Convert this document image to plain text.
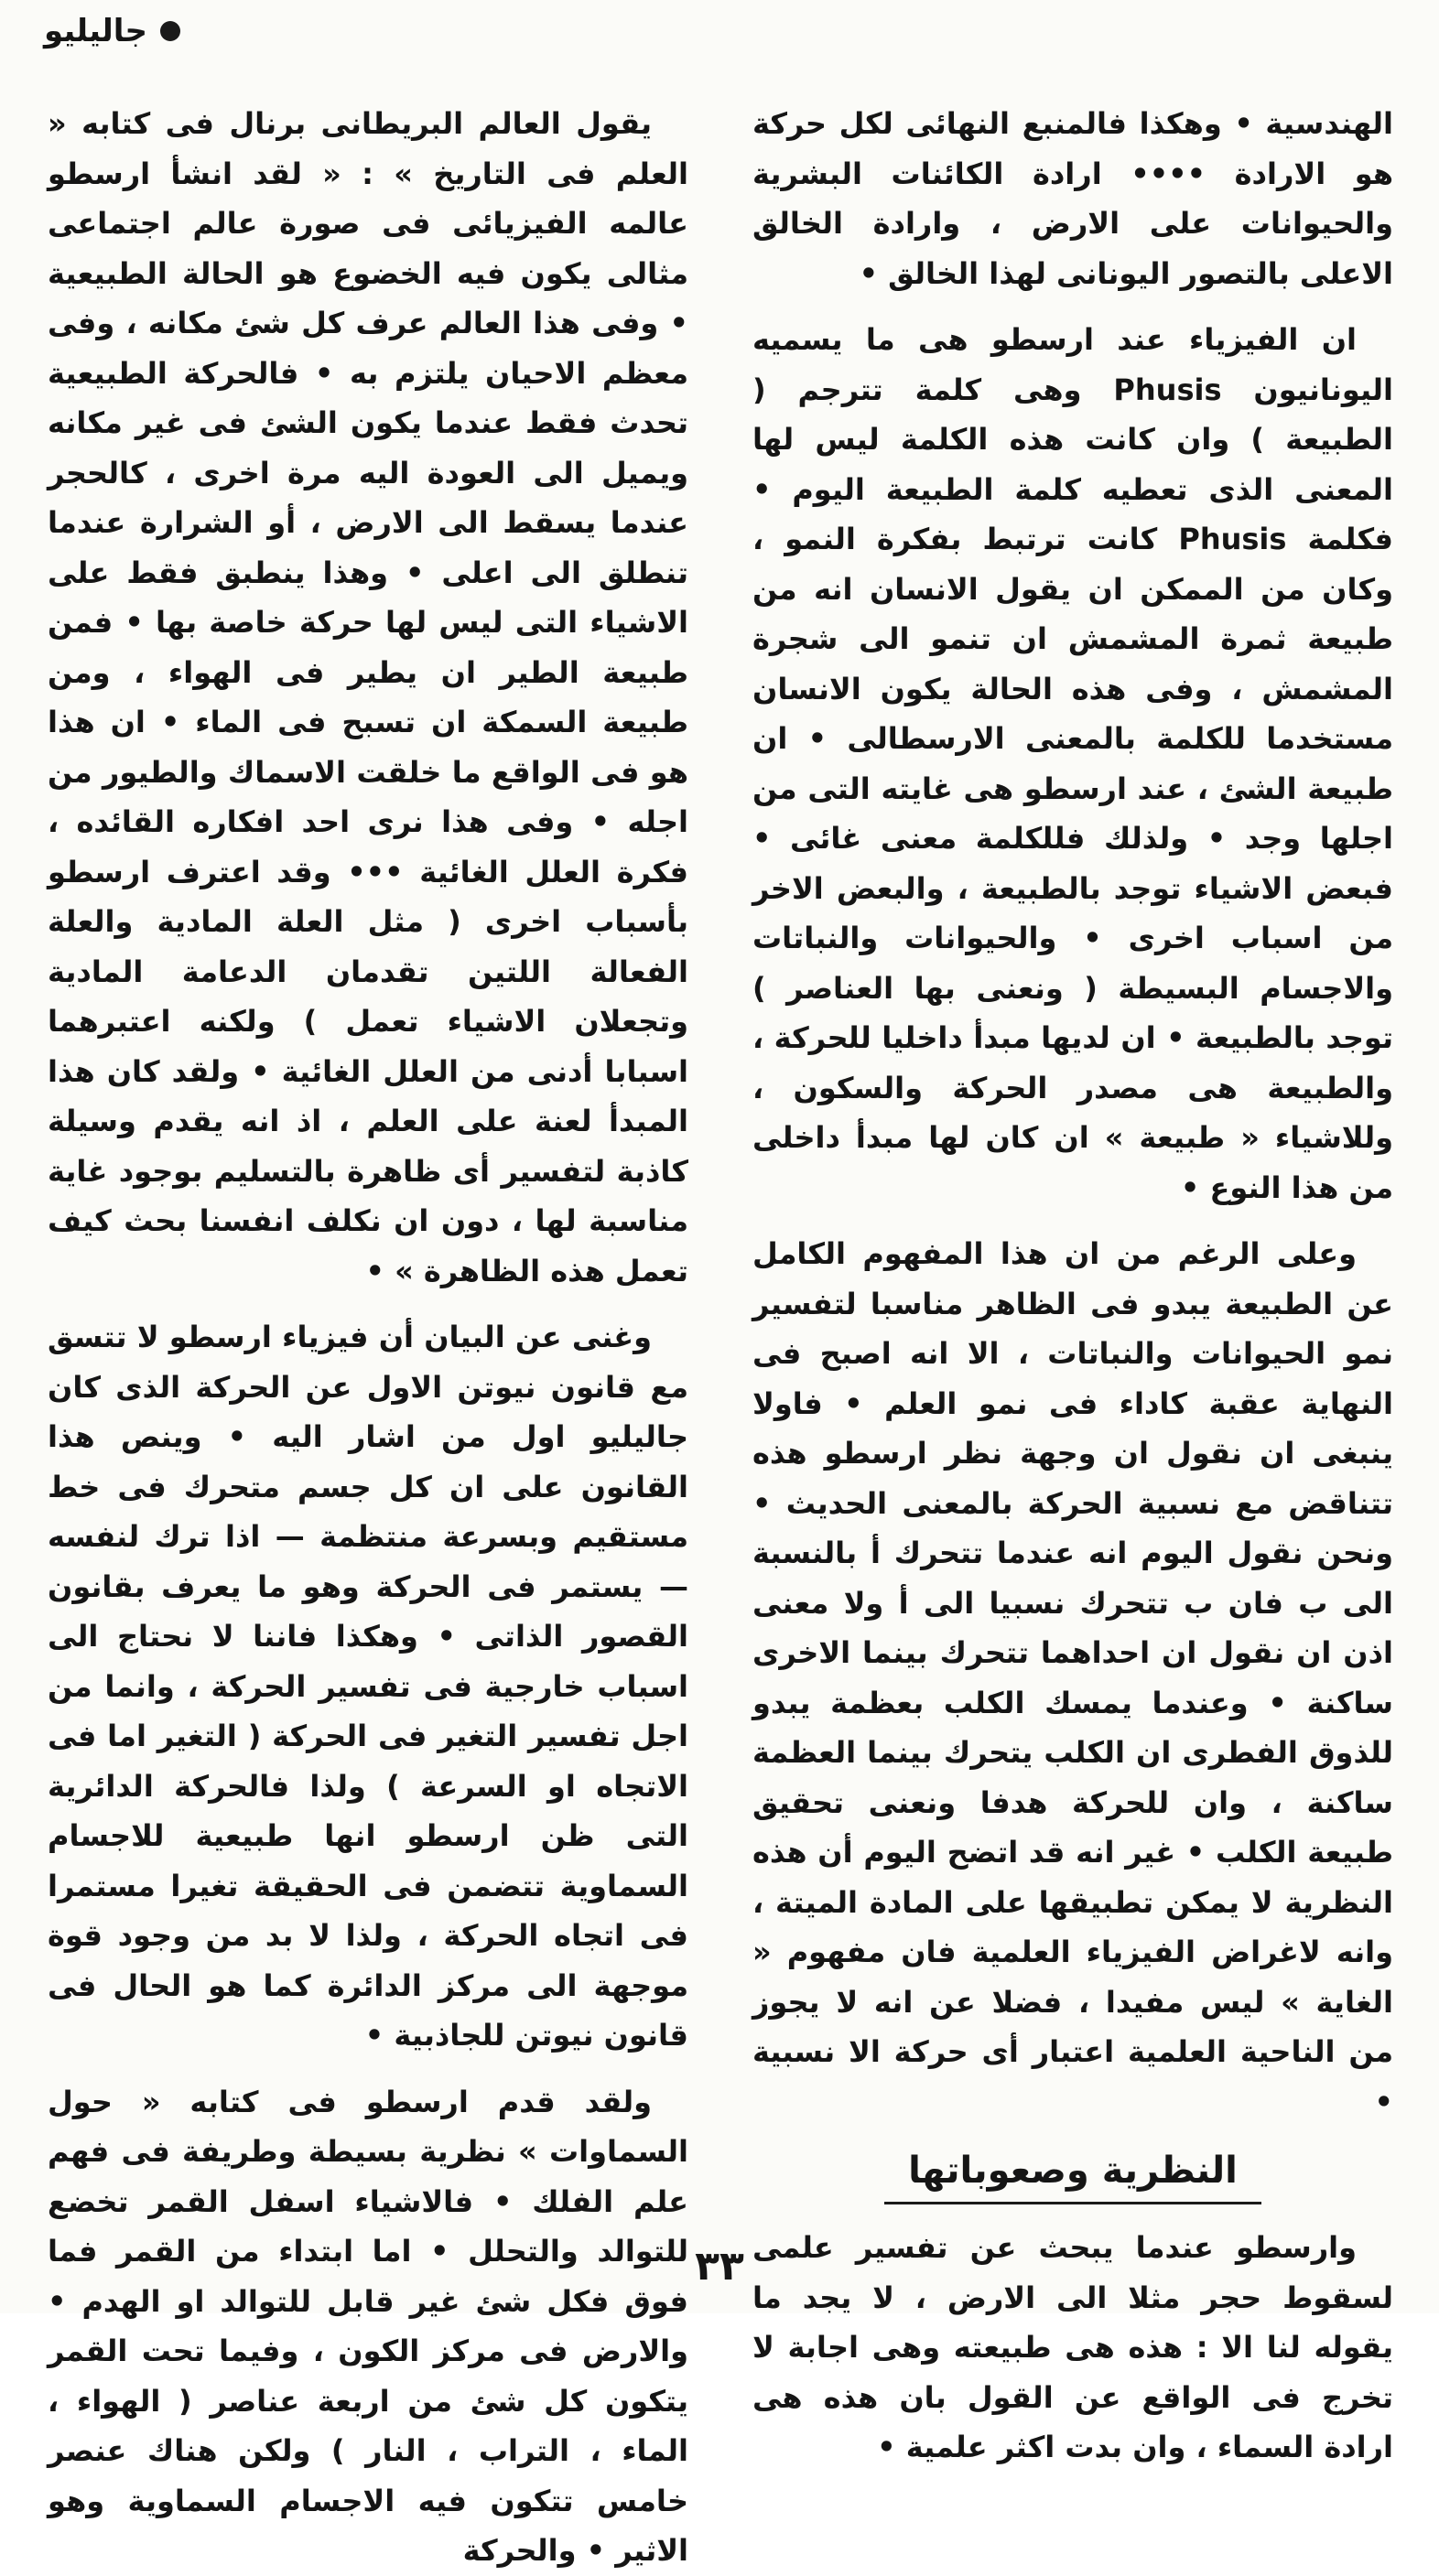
جاليليو

الهندسية • وهكذا فالمنبع النهائى لكل حركة هو الارادة •••• ارادة الكائنات البشرية والحيوانات على الارض ، وارادة الخالق الاعلى بالتصور اليونانى لهذا الخالق •

ان الفيزياء عند ارسطو هى ما يسميه اليونانيون Phusis وهى كلمة تترجم ( الطبيعة ) وان كانت هذه الكلمة ليس لها المعنى الذى تعطيه كلمة الطبيعة اليوم • فكلمة Phusis كانت ترتبط بفكرة النمو ، وكان من الممكن ان يقول الانسان انه من طبيعة ثمرة المشمش ان تنمو الى شجرة المشمش ، وفى هذه الحالة يكون الانسان مستخدما للكلمة بالمعنى الارسطالى • ان طبيعة الشئ ، عند ارسطو هى غايته التى من اجلها وجد • ولذلك فللكلمة معنى غائى • فبعض الاشياء توجد بالطبيعة ، والبعض الاخر من اسباب اخرى • والحيوانات والنباتات والاجسام البسيطة ( ونعنى بها العناصر ) توجد بالطبيعة • ان لديها مبدأ داخليا للحركة ، والطبيعة هى مصدر الحركة والسكون ، وللاشياء « طبيعة » ان كان لها مبدأ داخلى من هذا النوع •

وعلى الرغم من ان هذا المفهوم الكامل عن الطبيعة يبدو فى الظاهر مناسبا لتفسير نمو الحيوانات والنباتات ، الا انه اصبح فى النهاية عقبة كاداء فى نمو العلم • فاولا ينبغى ان نقول ان وجهة نظر ارسطو هذه تتناقض مع نسبية الحركة بالمعنى الحديث • ونحن نقول اليوم انه عندما تتحرك أ بالنسبة الى ب فان ب تتحرك نسبيا الى أ ولا معنى اذن ان نقول ان احداهما تتحرك بينما الاخرى ساكنة • وعندما يمسك الكلب بعظمة يبدو للذوق الفطرى ان الكلب يتحرك بينما العظمة ساكنة ، وان للحركة هدفا ونعنى تحقيق طبيعة الكلب • غير انه قد اتضح اليوم أن هذه النظرية لا يمكن تطبيقها على المادة الميتة ، وانه لاغراض الفيزياء العلمية فان مفهوم « الغاية » ليس مفيدا ، فضلا عن انه لا يجوز من الناحية العلمية اعتبار أى حركة الا نسبية •

النظرية وصعوباتها

وارسطو عندما يبحث عن تفسير علمى لسقوط حجر مثلا الى الارض ، لا يجد ما يقوله لنا الا : هذه هى طبيعته وهى اجابة لا تخرج فى الواقع عن القول بان هذه هى ارادة السماء ، وان بدت اكثر علمية •

يقول العالم البريطانى برنال فى كتابه « العلم فى التاريخ » : « لقد انشأ ارسطو عالمه الفيزيائى فى صورة عالم اجتماعى مثالى يكون فيه الخضوع هو الحالة الطبيعية • وفى هذا العالم عرف كل شئ مكانه ، وفى معظم الاحيان يلتزم به • فالحركة الطبيعية تحدث فقط عندما يكون الشئ فى غير مكانه ويميل الى العودة اليه مرة اخرى ، كالحجر عندما يسقط الى الارض ، أو الشرارة عندما تنطلق الى اعلى • وهذا ينطبق فقط على الاشياء التى ليس لها حركة خاصة بها • فمن طبيعة الطير ان يطير فى الهواء ، ومن طبيعة السمكة ان تسبح فى الماء • ان هذا هو فى الواقع ما خلقت الاسماك والطيور من اجله • وفى هذا نرى احد افكاره القائده ، فكرة العلل الغائية ••• وقد اعترف ارسطو بأسباب اخرى ( مثل العلة المادية والعلة الفعالة اللتين تقدمان الدعامة المادية وتجعلان الاشياء تعمل ) ولكنه اعتبرهما اسبابا أدنى من العلل الغائية • ولقد كان هذا المبدأ لعنة على العلم ، اذ انه يقدم وسيلة كاذبة لتفسير أى ظاهرة بالتسليم بوجود غاية مناسبة لها ، دون ان نكلف انفسنا بحث كيف تعمل هذه الظاهرة » •

وغنى عن البيان أن فيزياء ارسطو لا تتسق مع قانون نيوتن الاول عن الحركة الذى كان جاليليو اول من اشار اليه • وينص هذا القانون على ان كل جسم متحرك فى خط مستقيم وبسرعة منتظمة — اذا ترك لنفسه — يستمر فى الحركة وهو ما يعرف بقانون القصور الذاتى • وهكذا فاننا لا نحتاج الى اسباب خارجية فى تفسير الحركة ، وانما من اجل تفسير التغير فى الحركة ( التغير اما فى الاتجاه او السرعة ) ولذا فالحركة الدائرية التى ظن ارسطو انها طبيعية للاجسام السماوية تتضمن فى الحقيقة تغيرا مستمرا فى اتجاه الحركة ، ولذا لا بد من وجود قوة موجهة الى مركز الدائرة كما هو الحال فى قانون نيوتن للجاذبية •

ولقد قدم ارسطو فى كتابه « حول السماوات » نظرية بسيطة وطريفة فى فهم علم الفلك • فالاشياء اسفل القمر تخضع للتوالد والتحلل • اما ابتداء من القمر فما فوق فكل شئ غير قابل للتوالد او الهدم • والارض فى مركز الكون ، وفيما تحت القمر يتكون كل شئ من اربعة عناصر ( الهواء ، الماء ، التراب ، النار ) ولكن هناك عنصر خامس تتكون فيه الاجسام السماوية وهو الاثير • والحركة

٣٣
